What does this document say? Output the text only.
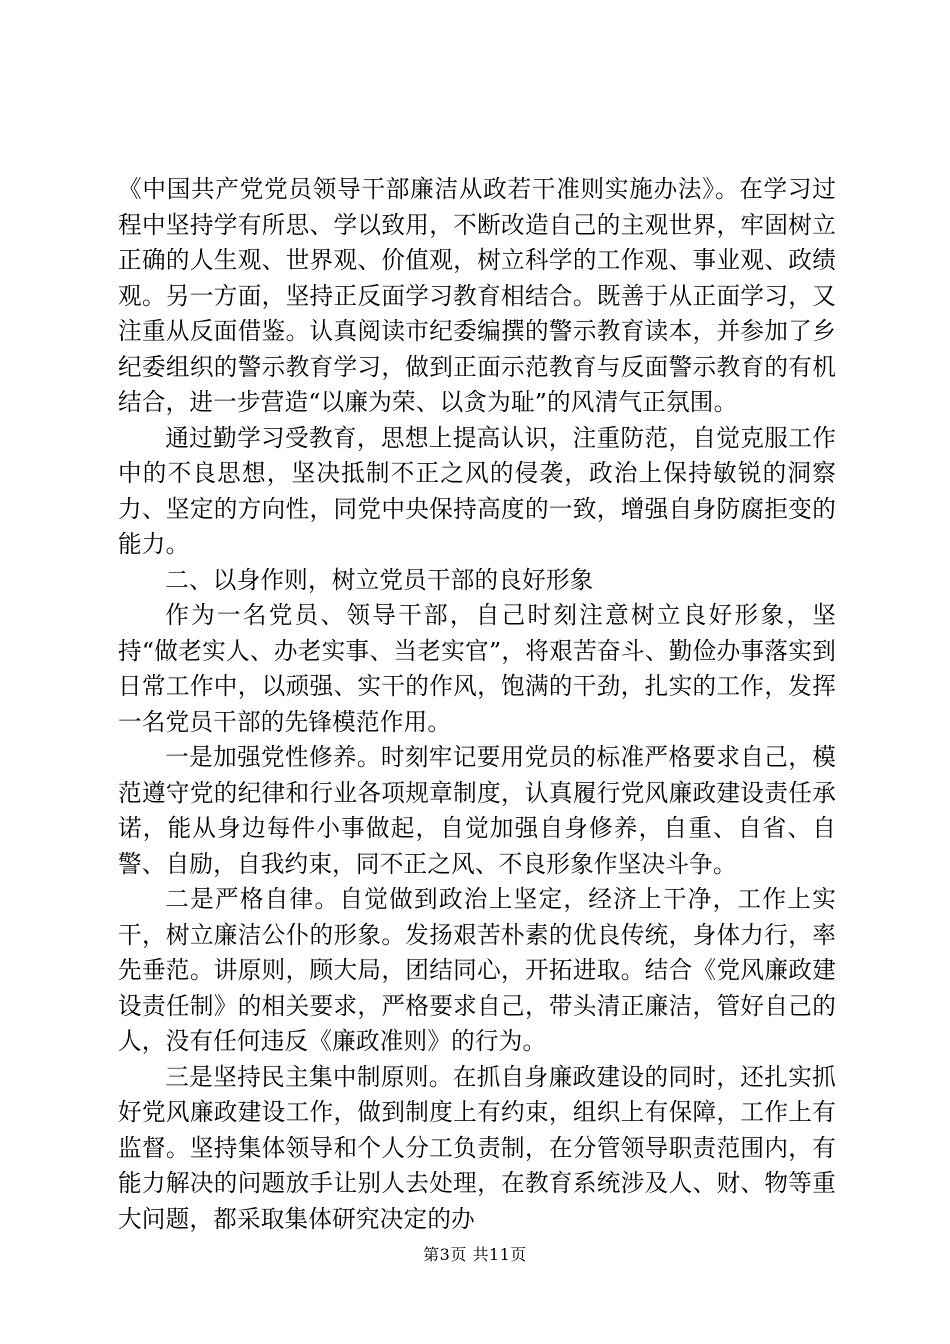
《中国共产党党员领导干部廉洁从政若干准则实施办法》。在学习过程中坚持学有所思、学以致用，不断改造自己的主观世界，牢固树立正确的人生观、世界观、价值观，树立科学的工作观、事业观、政绩观。另一方面，坚持正反面学习教育相结合。既善于从正面学习，又注重从反面借鉴。认真阅读市纪委编撰的警示教育读本，并参加了乡纪委组织的警示教育学习，做到正面示范教育与反面警示教育的有机结合，进一步营造“以廉为荣、以贪为耻”的风清气正氛围。

通过勤学习受教育，思想上提高认识，注重防范，自觉克服工作中的不良思想，坚决抵制不正之风的侵袭，政治上保持敏锐的洞察力、坚定的方向性，同党中央保持高度的一致，增强自身防腐拒变的能力。

二、以身作则，树立党员干部的良好形象

作为一名党员、领导干部，自己时刻注意树立良好形象，坚持“做老实人、办老实事、当老实官”，将艰苦奋斗、勤俭办事落实到日常工作中，以顽强、实干的作风，饱满的干劲，扎实的工作，发挥一名党员干部的先锋模范作用。

一是加强党性修养。时刻牢记要用党员的标准严格要求自己，模范遵守党的纪律和行业各项规章制度，认真履行党风廉政建设责任承诺，能从身边每件小事做起，自觉加强自身修养，自重、自省、自警、自励，自我约束，同不正之风、不良形象作坚决斗争。

二是严格自律。自觉做到政治上坚定，经济上干净，工作上实干，树立廉洁公仆的形象。发扬艰苦朴素的优良传统，身体力行，率先垂范。讲原则，顾大局，团结同心，开拓进取。结合《党风廉政建设责任制》的相关要求，严格要求自己，带头清正廉洁，管好自己的人，没有任何违反《廉政准则》的行为。

三是坚持民主集中制原则。在抓自身廉政建设的同时，还扎实抓好党风廉政建设工作，做到制度上有约束，组织上有保障，工作上有监督。坚持集体领导和个人分工负责制，在分管领导职责范围内，有能力解决的问题放手让别人去处理，在教育系统涉及人、财、物等重大问题，都采取集体研究决定的办

第3页 共11页
